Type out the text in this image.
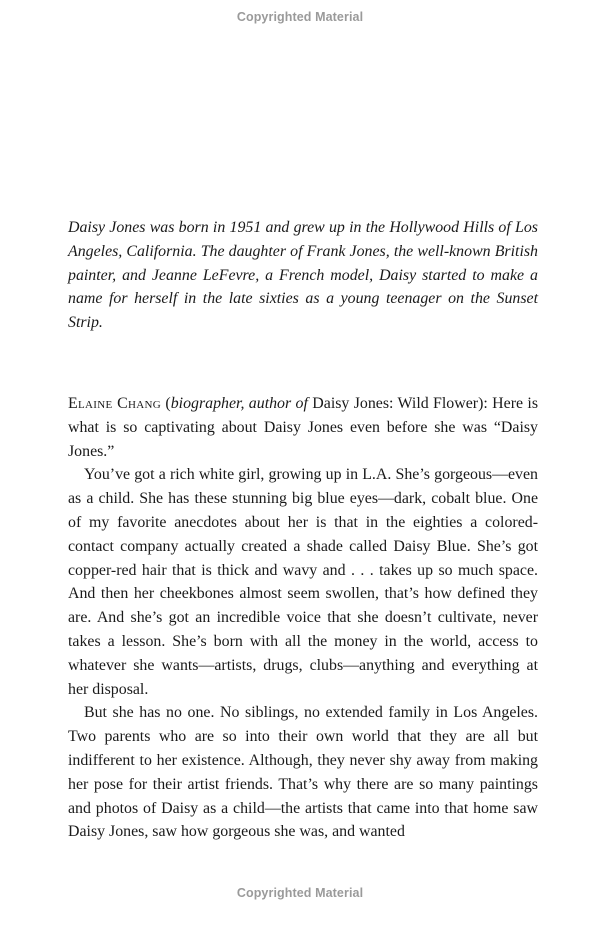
Copyrighted Material

Daisy Jones was born in 1951 and grew up in the Hollywood Hills of Los Angeles, California. The daughter of Frank Jones, the well-known British painter, and Jeanne LeFevre, a French model, Daisy started to make a name for herself in the late sixties as a young teenager on the Sunset Strip.

Elaine Chang (biographer, author of Daisy Jones: Wild Flower): Here is what is so captivating about Daisy Jones even before she was “Daisy Jones.”

You’ve got a rich white girl, growing up in L.A. She’s gorgeous—even as a child. She has these stunning big blue eyes—dark, cobalt blue. One of my favorite anecdotes about her is that in the eighties a colored-contact company actually created a shade called Daisy Blue. She’s got copper-red hair that is thick and wavy and . . . takes up so much space. And then her cheekbones almost seem swollen, that’s how defined they are. And she’s got an incredible voice that she doesn’t cultivate, never takes a lesson. She’s born with all the money in the world, access to whatever she wants—artists, drugs, clubs—anything and everything at her disposal.

But she has no one. No siblings, no extended family in Los Angeles. Two parents who are so into their own world that they are all but indifferent to her existence. Although, they never shy away from making her pose for their artist friends. That’s why there are so many paintings and photos of Daisy as a child—the artists that came into that home saw Daisy Jones, saw how gorgeous she was, and wanted

Copyrighted Material
